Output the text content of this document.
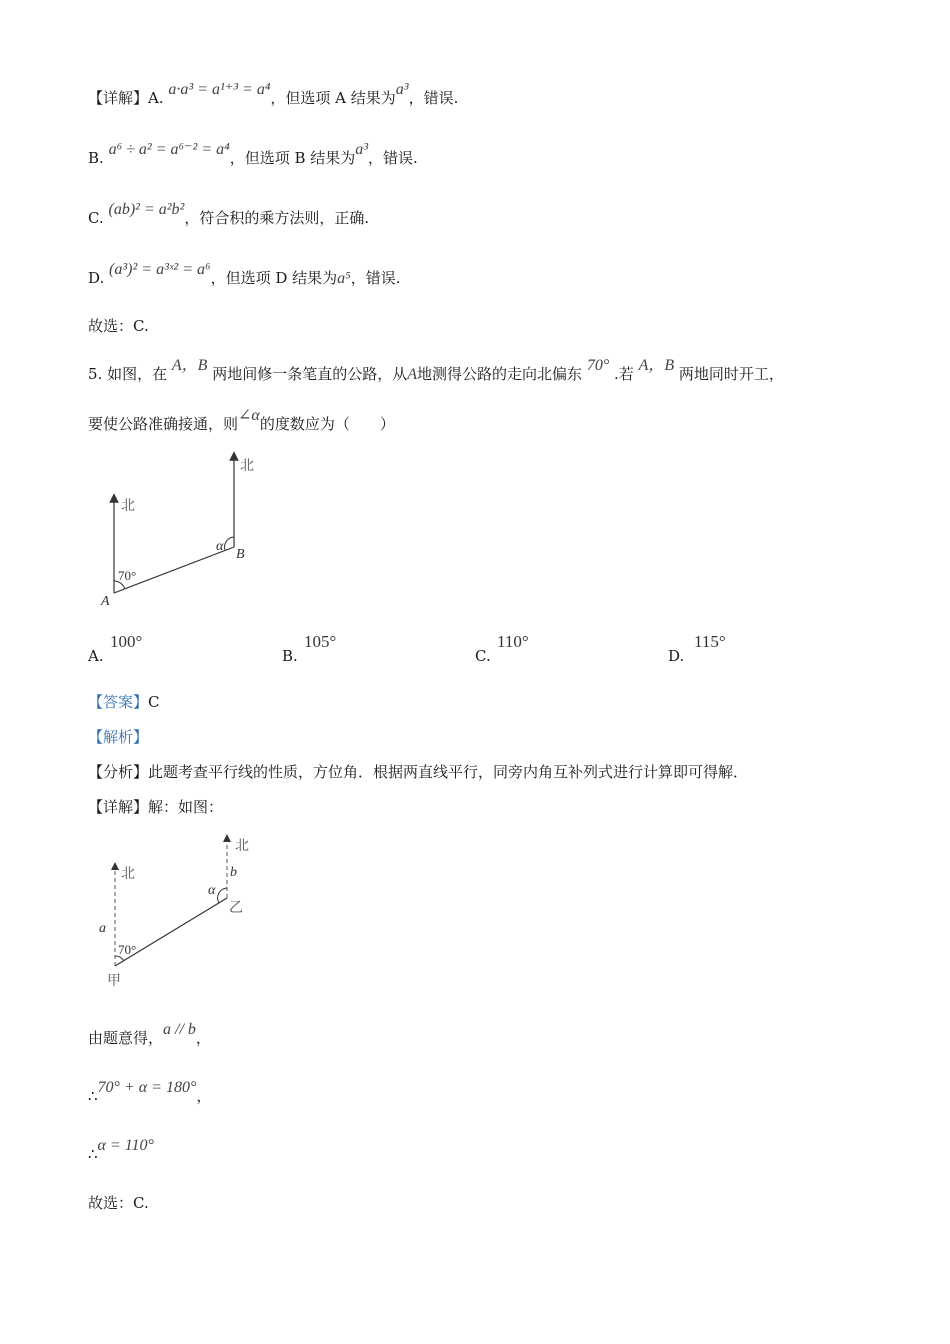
【详解】A. a·a³ = a¹⁺³ = a⁴，但选项 A 结果为a³，错误.
B. a⁶ ÷ a² = a⁶⁻² = a⁴，但选项 B 结果为a³，错误.
C. (ab)² = a²b²，符合积的乘方法则，正确.
D. (a³)² = a³ˣ² = a⁶，但选项 D 结果为a⁵，错误.
故选：C.
5. 如图，在 A，B 两地间修一条笔直的公路，从A地测得公路的走向北偏东 70° .若 A，B 两地同时开工，
要使公路准确接通，则∠α的度数应为（　　）
北
北
70°
A
α
B
A.
100°
B.
105°
C.
110°
D.
115°
【答案】C
【解析】
【分析】此题考查平行线的性质，方位角．根据两直线平行，同旁内角互补列式进行计算即可得解．
【详解】解：如图：
北
北
b
α
乙
a
70°
甲
由题意得，a // b，
∴70° + α = 180°，
∴α = 110°
故选：C.
